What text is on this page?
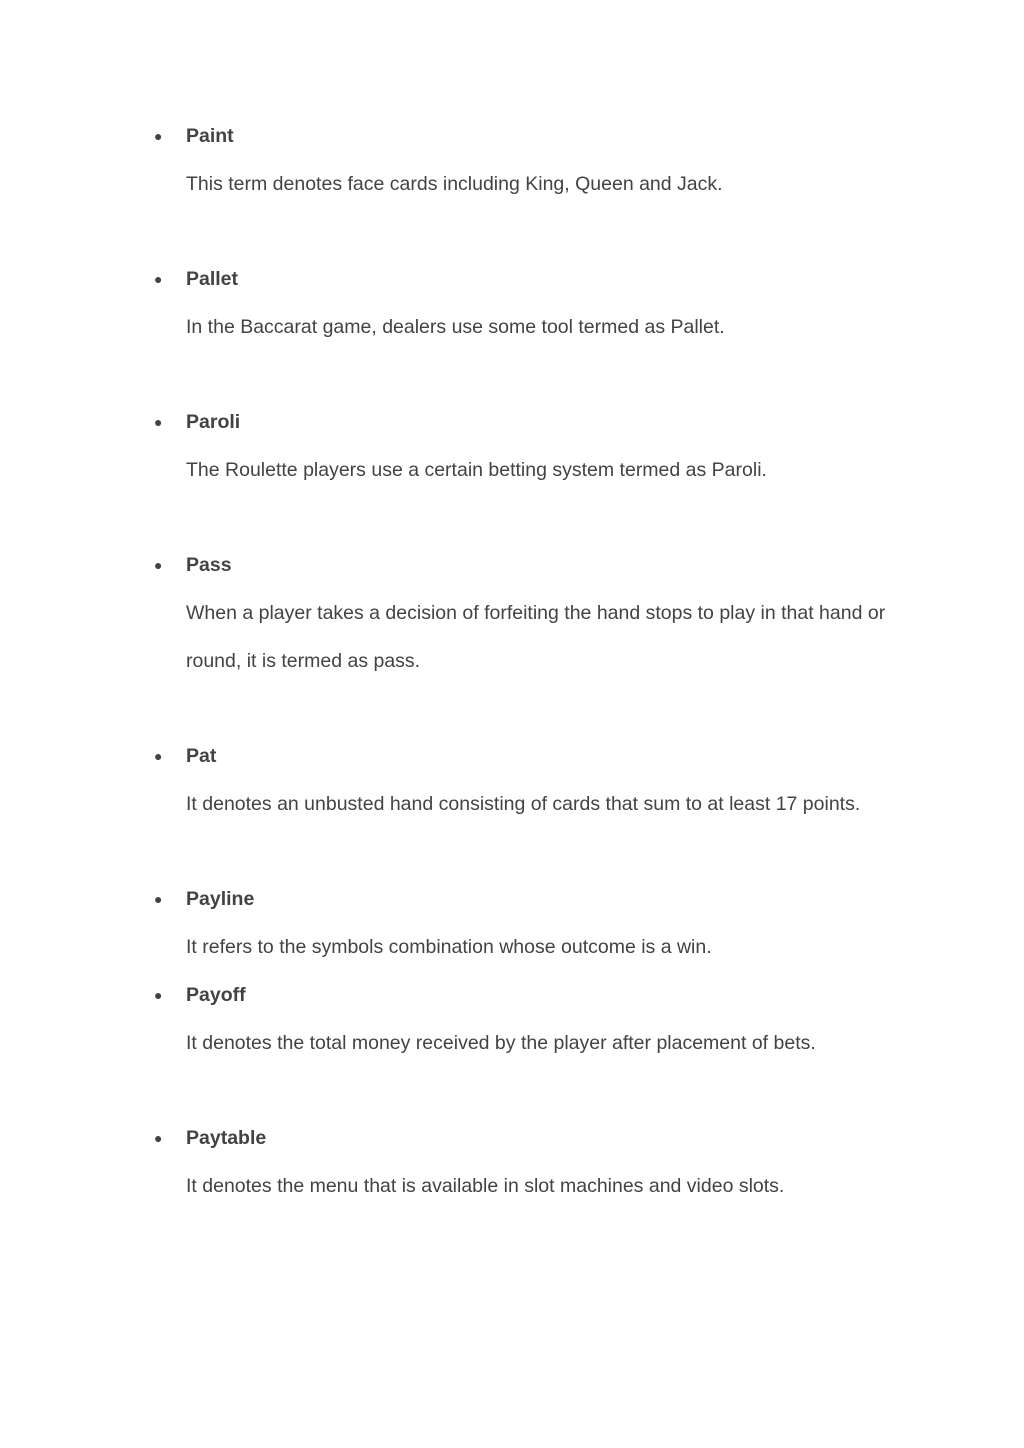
● Paint
This term denotes face cards including King, Queen and Jack.
● Pallet
In the Baccarat game, dealers use some tool termed as Pallet.
● Paroli
The Roulette players use a certain betting system termed as Paroli.
● Pass
When a player takes a decision of forfeiting the hand stops to play in that hand or round, it is termed as pass.
● Pat
It denotes an unbusted hand consisting of cards that sum to at least 17 points.
● Payline
It refers to the symbols combination whose outcome is a win.
● Payoff
It denotes the total money received by the player after placement of bets.
● Paytable
It denotes the menu that is available in slot machines and video slots.
